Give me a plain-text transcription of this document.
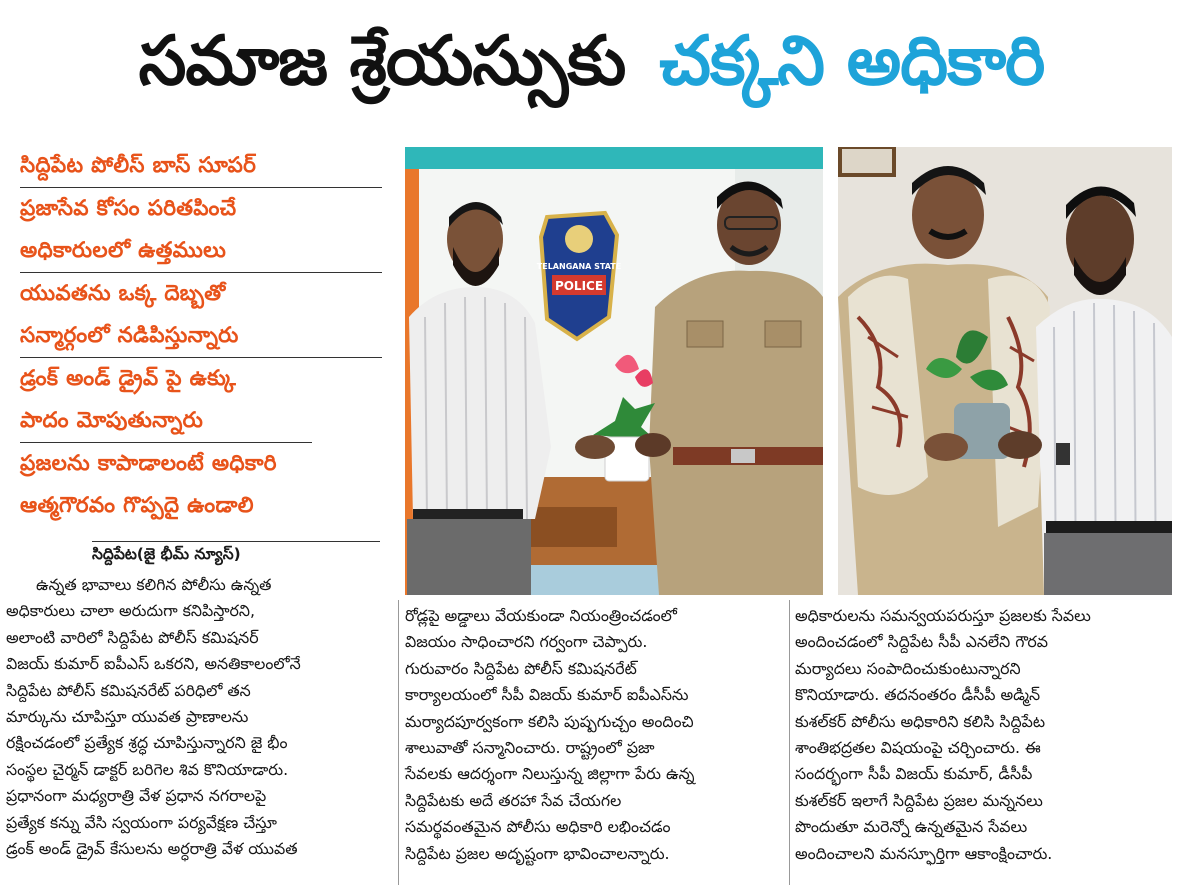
సమాజ శ్రేయస్సుకు చక్కని అధికారి
సిద్దిపేట పోలీస్ బాస్ సూపర్
ప్రజాసేవ కోసం పరితపించే
అధికారులలో ఉత్తములు
యువతను ఒక్క దెబ్బతో
సన్మార్గంలో నడిపిస్తున్నారు
డ్రంక్ అండ్ డ్రైవ్ పై ఉక్కు
పాదం మోపుతున్నారు
ప్రజలను కాపాడాలంటే అధికారి
ఆత్మగౌరవం గొప్పదై ఉండాలి
సిద్దిపేట(జై భీమ్ న్యూస్)
TELANGANA STATE
POLICE

ఉన్నత భావాలు కలిగిన పోలీసు ఉన్నత

అధికారులు చాలా అరుదుగా కనిపిస్తారని,

అలాంటి వారిలో సిద్దిపేట పోలీస్ కమిషనర్

విజయ్ కుమార్ ఐపీఎస్ ఒకరని, అనతికాలంలోనే

సిద్దిపేట పోలీస్ కమిషనరేట్ పరిధిలో తన

మార్కును చూపిస్తూ యువత ప్రాణాలను

రక్షించడంలో ప్రత్యేక శ్రద్ధ చూపిస్తున్నారని జై భీం

సంస్థల చైర్మన్ డాక్టర్ బరిగెల శివ కొనియాడారు.

ప్రధానంగా మధ్యరాత్రి వేళ ప్రధాన నగరాలపై

ప్రత్యేక కన్ను వేసి స్వయంగా పర్యవేక్షణ చేస్తూ

డ్రంక్ అండ్ డ్రైవ్ కేసులను అర్ధరాత్రి వేళ యువత

రోడ్లపై అడ్డాలు వేయకుండా నియంత్రించడంలో

విజయం సాధించారని గర్వంగా చెప్పారు.

గురువారం సిద్దిపేట పోలీస్ కమిషనరేట్

కార్యాలయంలో సీపీ విజయ్ కుమార్ ఐపీఎస్‌ను

మర్యాదపూర్వకంగా కలిసి పుష్పగుచ్చం అందించి

శాలువాతో సన్మానించారు. రాష్ట్రంలో ప్రజా

సేవలకు ఆదర్శంగా నిలుస్తున్న జిల్లాగా పేరు ఉన్న

సిద్దిపేటకు అదే తరహా సేవ చేయగల

సమర్థవంతమైన పోలీసు అధికారి లభించడం

సిద్దిపేట ప్రజల అదృష్టంగా భావించాలన్నారు.

అధికారులను సమన్వయపరుస్తూ ప్రజలకు సేవలు

అందించడంలో సిద్దిపేట సీపీ ఎనలేని గౌరవ

మర్యాదలు సంపాదించుకుంటున్నారని

కొనియాడారు. తదనంతరం డీసీపీ అడ్మిన్

కుశల్‌కర్ పోలీసు అధికారిని కలిసి సిద్దిపేట

శాంతిభద్రతల విషయంపై చర్చించారు. ఈ

సందర్భంగా సీపీ విజయ్ కుమార్, డీసీపీ

కుశల్‌కర్ ఇలాగే సిద్దిపేట ప్రజల మన్ననలు

పొందుతూ మరెన్నో ఉన్నతమైన సేవలు

అందించాలని మనస్ఫూర్తిగా ఆకాంక్షించారు.
